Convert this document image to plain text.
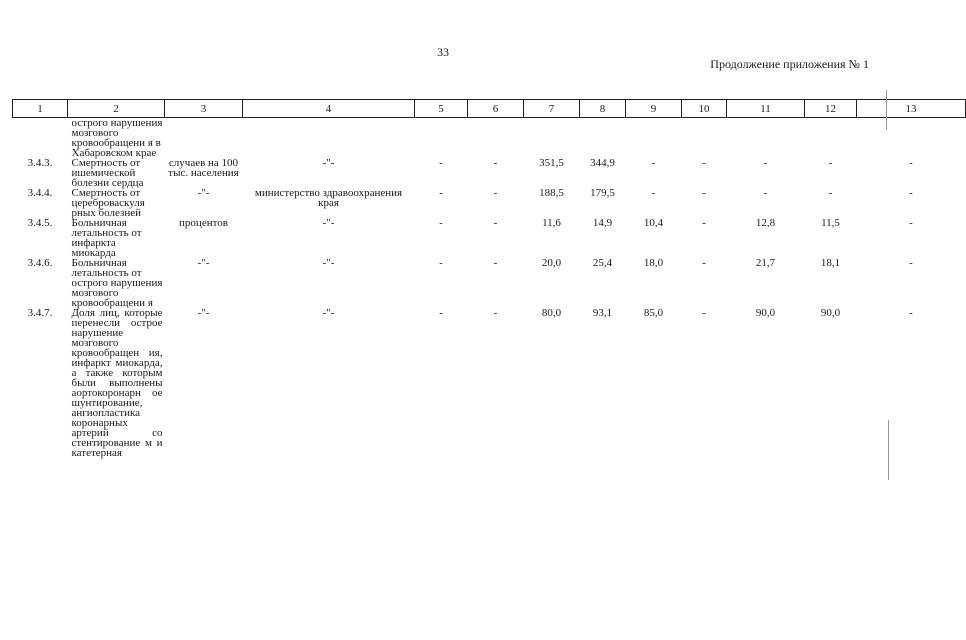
33
Продолжение приложения № 1
1	2	3	4	5	6	7	8	9	10	11	12	13
	острого нарушения мозгового кровообращени я в Хабаровском крае											
3.4.3.	Смертность от ишемической болезни сердца	случаев на 100 тыс. населения	-"-	-	-	351,5	344,9	-	-	-	-	-
3.4.4.	Смертность от цереброваскуля рных болезней	-"-	министерство здравоохранения края	-	-	188,5	179,5	-	-	-	-	-
3.4.5.	Больничная летальность от инфаркта миокарда	процентов	-"-	-	-	11,6	14,9	10,4	-	12,8	11,5	-
3.4.6.	Больничная летальность от острого нарушения мозгового кровообращени я	-"-	-"-	-	-	20,0	25,4	18,0	-	21,7	18,1	-
3.4.7.	Доля лиц, которые перенесли острое нарушение мозгового кровообращен ия, инфаркт миокарда, а также которым были выполнены аортокоронарн ое шунтирование, ангиопластика коронарных артерий со стентирование м и катетерная	-"-	-"-	-	-	80,0	93,1	85,0	-	90,0	90,0	-
